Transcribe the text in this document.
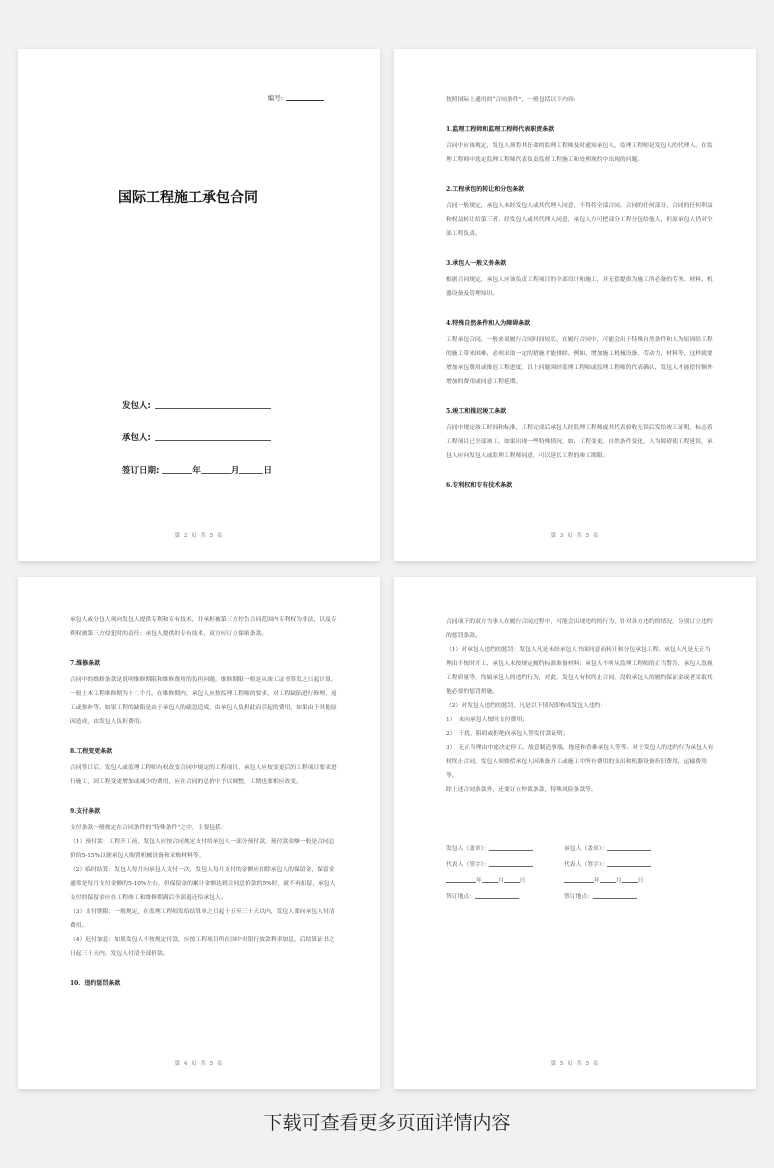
编号:
国际工程施工承包合同
发包人:
承包人:
签订日期:	年	月	日
第 2 页 共 5 页

按照国际上通用的“合同条件”，一般包括以下内容:

1.监理工程师和监理工程师代表职责条款

合同中应该规定，发包人须将其任命的监理工程师及时通知承包人，监理工程师是发包人的代理人。在监理工程师中选定监理工程师代表负责监督工程施工和处理现约中出现的问题。

2.工程承包的转让和分包条款

合同一般规定，承包人未经发包人或其代理人同意，不得将全部合同、合同的任何部分、合同的任何利益和权益转让给第三者。经发包人或其代理人同意，承包人方可把部分工程分包给他人，但原承包人仍对全部工程负责。

3.承包人一般义务条款

根据合同规定，承包人应该负责工程项目的全部设计和施工，并无偿提供为施工所必备的劳务、材料、机器设备及管理知识。

4.特殊自然条件和人为障碍条款

工程承包合同，一般来说履行合同时间较长，在履行合同中，可能会出于特殊自然条件和人为原因给工程的施工带来困难，必须采取一定的措施才能排除。例如，增加施工机械设备、劳动力、材料等，这样就要增加承包费用或推迟工程进度，以上问题须经监理工程师或监理工程师的代表确认，发包人才能偿付额外增加的费用或同意工程延期。

5.竣工和推迟竣工条款

合同中规定竣工时间和标准，工程完成后承包人经监理工程师或其代表验收无误后发给竣工证明，标志着工程项目已全部竣工，如果出现一些特殊情况，如，工程变更、自然条件变化、人为障碍使工程延误，承包人应向发包人或监理工程师同意，可以延长工程的竣工期限。

6.专利权和专有技术条款
第 3 页 共 5 页

承包人或分包人须向发包人提供专利和专有技术，并承担被第三方控告合同范围内专利权为非法，以及专利权被第三方侵犯时的责任；承包人提供的专有技术，双方应订立保密条款。

7.维修条款

合同中的维修条款是说明维修期限和维修费用的负担问题。维修期限一般是从竣工证书签发之日起计算，一般土木工程维修期为十二个月。在维修期内，承包人应按监理工程师的要求，对工程缺陷进行修理、返工或弥补等。如果工程的缺陷是由于承包人的疏忽造成，由承包人负担此而引起的费用，如果由于其他原因造成，由发包人负担费用。

8.工程变更条款

合同签订后，发包人或监理工程师有权改变合同中规定的工程项目，承包人应按变更后的工程项目要求进行施工，因工程变更增加或减少的费用，应在合同的总价中予以调整，工期也要相应改变。

9.支付条款

支付条款一般规定在合同条件的“特殊条件”之中，主要包括：

（1）预付款：工程开工前，发包人应按合同规定支付给承包人一部分预付款，预付款金额一般是合同总价的5-15%以便承包人购置机械设备和采购材料等。

（2）临时结算：发包人每月向承包人支付一次，发包人每月支付的金额应扣除承包人的保留金，保留金通常是每月支付金额的5-10%左右，但保留金的累计金额达到合同总价款的5%时，就不再扣留，承包人支付的保留金应在工程竣工和维修期满后全部退还给承包人。

（3）支付期限：一般规定，在监理工程师发给结算单之日起十五至三十天以内，发包人要向承包人付清费用。

（4）迟付加息：如果发包人不按规定付款，应按工程项目所在国中央银行放款利率加息，后结算证书之日起三十天内，发包人付清全部价款。

10．违约惩罚条款
第 4 页 共 5 页

合同项下的双方当事人在履行合同过程中，可能会出现违约的行为，针对各方违约的情况，分别订立违约的惩罚条款。

（1）对承包人违约的惩罚：发包人凡是未经承包人书面同意而转让和分包承包工程，承包人凡是无正当理由不按时开工，承包人未按规定履约标准准备材料；承包人不听从监理工程师的正当警告，承包人忽视工程质量等，均属承包人的违约行为，对此，发包人有权终止合同，没收承包人的履约保证金或者采取其他必要的惩罚措施。

（2）对发包人违约的惩罚，凡是以下情况即构成发包人违约：

1）　未向承包人按时支付费用；

2）　干扰、阻碍或拒绝向承包人签发付款证明；

3）　无正当理由中途决定停工，故意制造事端，拖延和香难承包人等等。对于发包人的违约行为承包人有权终止合同，发包人须赔偿承包人因准备开工或施工中所有费用的支出和机器设备折旧费用，运输费用等。

除上述合同条款外，还要订立仲裁条款，特殊风险条款等。

发包人（盖章）：	承包人（盖章）：
代表人（签字）：	代表人（签字）：
年	月	日	年	月	日
签订地点：	签订地点：
第 5 页 共 5 页
下载可查看更多页面详情内容
